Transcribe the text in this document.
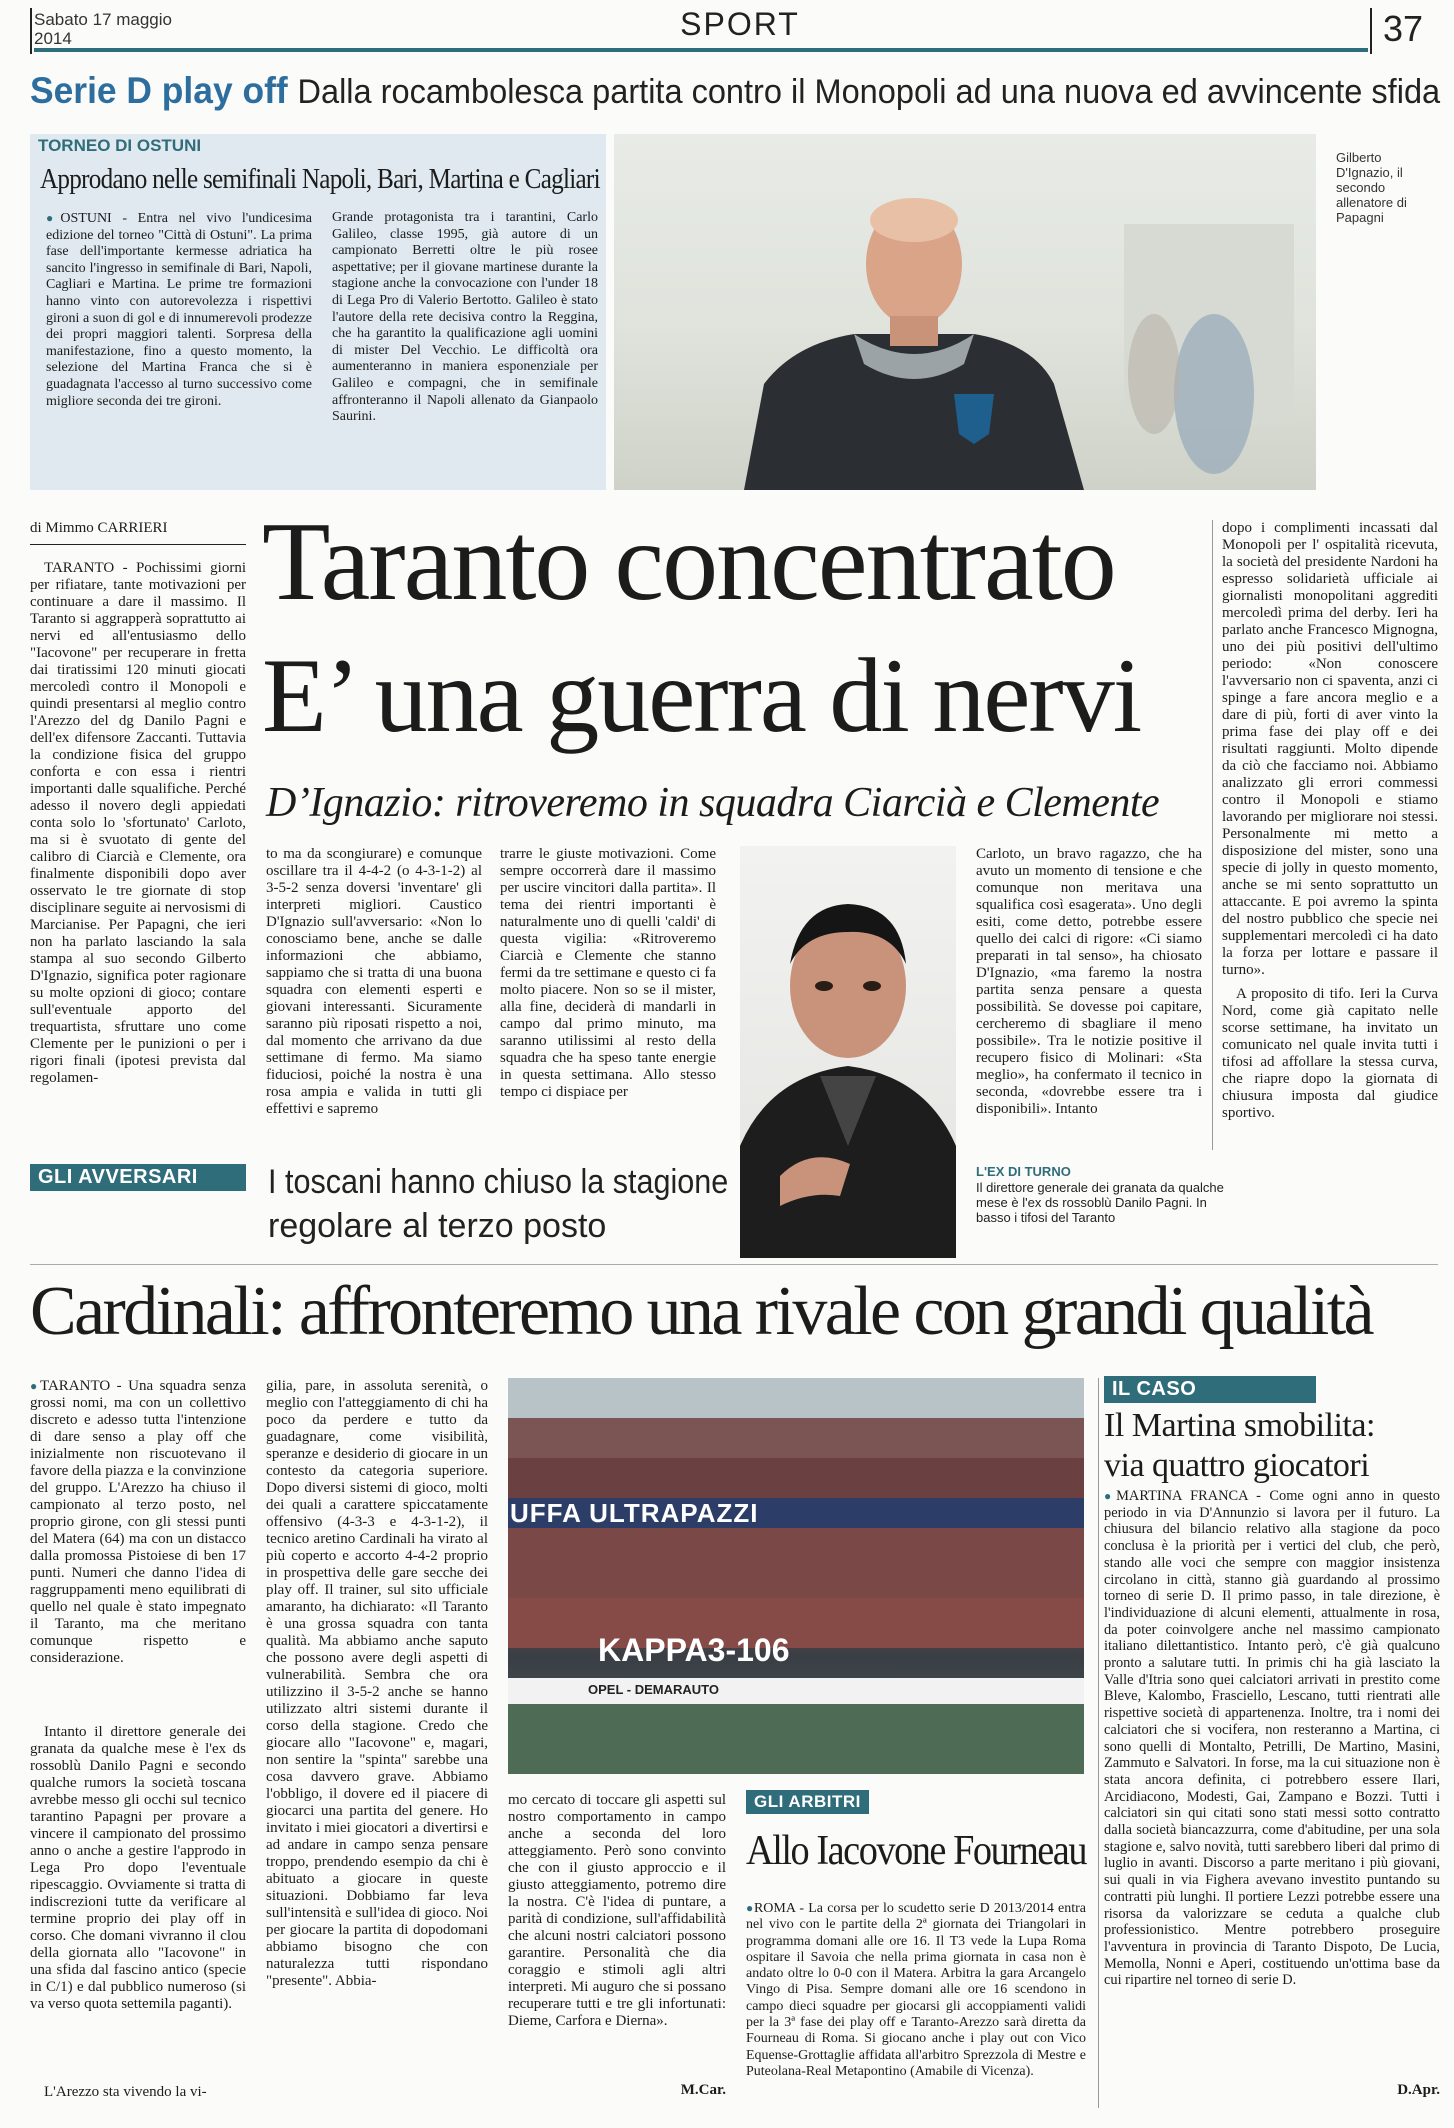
Sabato 17 maggio
2014	SPORT	37
Serie D play off Dalla rocambolesca partita contro il Monopoli ad una nuova ed avvincente sfida
TORNEO DI OSTUNI
Approdano nelle semifinali Napoli, Bari, Martina e Cagliari
● OSTUNI - Entra nel vivo l'undicesima edizione del torneo "Città di Ostuni". La prima fase dell'importante kermesse adriatica ha sancito l'ingresso in semifinale di Bari, Napoli, Cagliari e Martina. Le prime tre formazioni hanno vinto con autorevolezza i rispettivi gironi a suon di gol e di innumerevoli prodezze dei propri maggiori talenti. Sorpresa della manifestazione, fino a questo momento, la selezione del Martina Franca che si è guadagnata l'accesso al turno successivo come migliore seconda dei tre gironi.
Grande protagonista tra i tarantini, Carlo Galileo, classe 1995, già autore di un campionato Berretti oltre le più rosee aspettative; per il giovane martinese durante la stagione anche la convocazione con l'under 18 di Lega Pro di Valerio Bertotto. Galileo è stato l'autore della rete decisiva contro la Reggina, che ha garantito la qualificazione agli uomini di mister Del Vecchio. Le difficoltà ora aumenteranno in maniera esponenziale per Galileo e compagni, che in semifinale affronteranno il Napoli allenato da Gianpaolo Saurini.
Gilberto D'Ignazio, il secondo allenatore di Papagni
di Mimmo CARRIERI
TARANTO - Pochissimi giorni per rifiatare, tante motivazioni per continuare a dare il massimo. Il Taranto si aggrapperà soprattutto ai nervi ed all'entusiasmo dello "Iacovone" per recuperare in fretta dai tiratissimi 120 minuti giocati mercoledì contro il Monopoli e quindi presentarsi al meglio contro l'Arezzo del dg Danilo Pagni e dell'ex difensore Zaccanti. Tuttavia la condizione fisica del gruppo conforta e con essa i rientri importanti dalle squalifiche. Perché adesso il novero degli appiedati conta solo lo 'sfortunato' Carloto, ma si è svuotato di gente del calibro di Ciarcià e Clemente, ora finalmente disponibili dopo aver osservato le tre giornate di stop disciplinare seguite ai nervosismi di Marcianise. Per Papagni, che ieri non ha parlato lasciando la sala stampa al suo secondo Gilberto D'Ignazio, significa poter ragionare su molte opzioni di gioco; contare sull'eventuale apporto del trequartista, sfruttare uno come Clemente per le punizioni o per i rigori finali (ipotesi prevista dal regolamen-
Taranto concentrato
E’ una guerra di nervi
D’Ignazio: ritroveremo in squadra Ciarcià e Clemente
to ma da scongiurare) e comunque oscillare tra il 4-4-2 (o 4-3-1-2) al 3-5-2 senza doversi 'inventare' gli interpreti migliori. Caustico D'Ignazio sull'avversario: «Non lo conosciamo bene, anche se dalle informazioni che abbiamo, sappiamo che si tratta di una buona squadra con elementi esperti e giovani interessanti. Sicuramente saranno più riposati rispetto a noi, dal momento che arrivano da due settimane di fermo. Ma siamo fiduciosi, poiché la nostra è una rosa ampia e valida in tutti gli effettivi e sapremo
trarre le giuste motivazioni. Come sempre occorrerà dare il massimo per uscire vincitori dalla partita». Il tema dei rientri importanti è naturalmente uno di quelli 'caldi' di questa vigilia: «Ritroveremo Ciarcià e Clemente che stanno fermi da tre settimane e questo ci fa molto piacere. Non so se il mister, alla fine, deciderà di mandarli in campo dal primo minuto, ma saranno utilissimi al resto della squadra che ha speso tante energie in questa settimana. Allo stesso tempo ci dispiace per
Carloto, un bravo ragazzo, che ha avuto un momento di tensione e che comunque non meritava una squalifica così esagerata». Uno degli esiti, come detto, potrebbe essere quello dei calci di rigore: «Ci siamo preparati in tal senso», ha chiosato D'Ignazio, «ma faremo la nostra partita senza pensare a questa possibilità. Se dovesse poi capitare, cercheremo di sbagliare il meno possibile». Tra le notizie positive il recupero fisico di Molinari: «Sta meglio», ha confermato il tecnico in seconda, «dovrebbe essere tra i disponibili». Intanto
dopo i complimenti incassati dal Monopoli per l' ospitalità ricevuta, la società del presidente Nardoni ha espresso solidarietà ufficiale ai giornalisti monopolitani aggrediti mercoledì prima del derby. Ieri ha parlato anche Francesco Mignogna, uno dei più positivi dell'ultimo periodo: «Non conoscere l'avversario non ci spaventa, anzi ci spinge a fare ancora meglio e a dare di più, forti di aver vinto la prima fase dei play off e dei risultati raggiunti. Molto dipende da ciò che facciamo noi. Abbiamo analizzato gli errori commessi contro il Monopoli e stiamo lavorando per migliorare noi stessi. Personalmente mi metto a disposizione del mister, sono una specie di jolly in questo momento, anche se mi sento soprattutto un attaccante. E poi avremo la spinta del nostro pubblico che specie nei supplementari mercoledì ci ha dato la forza per lottare e passare il turno».
A proposito di tifo. Ieri la Curva Nord, come già capitato nelle scorse settimane, ha invitato un comunicato nel quale invita tutti i tifosi ad affollare la stessa curva, che riapre dopo la giornata di chiusura imposta dal giudice sportivo.
GLI AVVERSARI	I toscani hanno chiuso la stagione
regolare al terzo posto
L'EX DI TURNO
Il direttore generale dei granata da qualche mese è l'ex ds rossoblù Danilo Pagni. In basso i tifosi del Taranto
Cardinali: affronteremo una rivale con grandi qualità
● TARANTO - Una squadra senza grossi nomi, ma con un collettivo discreto e adesso tutta l'intenzione di dare senso a play off che inizialmente non riscuotevano il favore della piazza e la convinzione del gruppo. L'Arezzo ha chiuso il campionato al terzo posto, nel proprio girone, con gli stessi punti del Matera (64) ma con un distacco dalla promossa Pistoiese di ben 17 punti. Numeri che danno l'idea di raggruppamenti meno equilibrati di quello nel quale è stato impegnato il Taranto, ma che meritano comunque rispetto e considerazione.
Intanto il direttore generale dei granata da qualche mese è l'ex ds rossoblù Danilo Pagni e secondo qualche rumors la società toscana avrebbe messo gli occhi sul tecnico tarantino Papagni per provare a vincere il campionato del prossimo anno o anche a gestire l'approdo in Lega Pro dopo l'eventuale ripescaggio. Ovviamente si tratta di indiscrezioni tutte da verificare al termine proprio dei play off in corso. Che domani vivranno il clou della giornata allo "Iacovone" in una sfida dal fascino antico (specie in C/1) e dal pubblico numeroso (si va verso quota settemila paganti).
L'Arezzo sta vivendo la vi-
gilia, pare, in assoluta serenità, o meglio con l'atteggiamento di chi ha poco da perdere e tutto da guadagnare, come visibilità, speranze e desiderio di giocare in un contesto da categoria superiore. Dopo diversi sistemi di gioco, molti dei quali a carattere spiccatamente offensivo (4-3-3 e 4-3-1-2), il tecnico aretino Cardinali ha virato al più coperto e accorto 4-4-2 proprio in prospettiva delle gare secche dei play off. Il trainer, sul sito ufficiale amaranto, ha dichiarato: «Il Taranto è una grossa squadra con tanta qualità. Ma abbiamo anche saputo che possono avere degli aspetti di vulnerabilità. Sembra che ora utilizzino il 3-5-2 anche se hanno utilizzato altri sistemi durante il corso della stagione. Credo che giocare allo "Iacovone" e, magari, non sentire la "spinta" sarebbe una cosa davvero grave. Abbiamo l'obbligo, il dovere ed il piacere di giocarci una partita del genere. Ho invitato i miei giocatori a divertirsi e ad andare in campo senza pensare troppo, prendendo esempio da chi è abituato a giocare in queste situazioni. Dobbiamo far leva sull'intensità e sull'idea di gioco. Noi per giocare la partita di dopodomani abbiamo bisogno che con naturalezza tutti rispondano "presente". Abbia-
UFFA ULTRAPAZZI
KAPPA3-106
OPEL - DEMARAUTO
mo cercato di toccare gli aspetti sul nostro comportamento in campo anche a seconda del loro atteggiamento. Però sono convinto che con il giusto approccio e il giusto atteggiamento, potremo dire la nostra. C'è l'idea di puntare, a parità di condizione, sull'affidabilità che alcuni nostri calciatori possono garantire. Personalità che dia coraggio e stimoli agli altri interpreti. Mi auguro che si possano recuperare tutti e tre gli infortunati: Dieme, Carfora e Dierna».
M.Car.
GLI ARBITRI
Allo Iacovone Fourneau
● ROMA - La corsa per lo scudetto serie D 2013/2014 entra nel vivo con le partite della 2ª giornata dei Triangolari in programma domani alle ore 16. Il T3 vede la Lupa Roma ospitare il Savoia che nella prima giornata in casa non è andato oltre lo 0-0 con il Matera. Arbitra la gara Arcangelo Vingo di Pisa. Sempre domani alle ore 16 scendono in campo dieci squadre per giocarsi gli accoppiamenti validi per la 3ª fase dei play off e Taranto-Arezzo sarà diretta da Fourneau di Roma. Si giocano anche i play out con Vico Equense-Grottaglie affidata all'arbitro Sprezzola di Mestre e Puteolana-Real Metapontino (Amabile di Vicenza).
IL CASO
Il Martina smobilita:
via quattro giocatori
● MARTINA FRANCA - Come ogni anno in questo periodo in via D'Annunzio si lavora per il futuro. La chiusura del bilancio relativo alla stagione da poco conclusa è la priorità per i vertici del club, che però, stando alle voci che sempre con maggior insistenza circolano in città, stanno già guardando al prossimo torneo di serie D. Il primo passo, in tale direzione, è l'individuazione di alcuni elementi, attualmente in rosa, da poter coinvolgere anche nel massimo campionato italiano dilettantistico. Intanto però, c'è già qualcuno pronto a salutare tutti. In primis chi ha già lasciato la Valle d'Itria sono quei calciatori arrivati in prestito come Bleve, Kalombo, Frasciello, Lescano, tutti rientrati alle rispettive società di appartenenza. Inoltre, tra i nomi dei calciatori che si vocifera, non resteranno a Martina, ci sono quelli di Montalto, Petrilli, De Martino, Masini, Zammuto e Salvatori. In forse, ma la cui situazione non è stata ancora definita, ci potrebbero essere Ilari, Arcidiacono, Modesti, Gai, Zampano e Bozzi. Tutti i calciatori sin qui citati sono stati messi sotto contratto dalla società biancazzurra, come d'abitudine, per una sola stagione e, salvo novità, tutti sarebbero liberi dal primo di luglio in avanti. Discorso a parte meritano i più giovani, sui quali in via Fighera avevano investito puntando su contratti più lunghi. Il portiere Lezzi potrebbe essere una risorsa da valorizzare se ceduta a qualche club professionistico. Mentre potrebbero proseguire l'avventura in provincia di Taranto Dispoto, De Lucia, Memolla, Nonni e Aperi, costituendo un'ottima base da cui ripartire nel torneo di serie D.
D.Apr.
